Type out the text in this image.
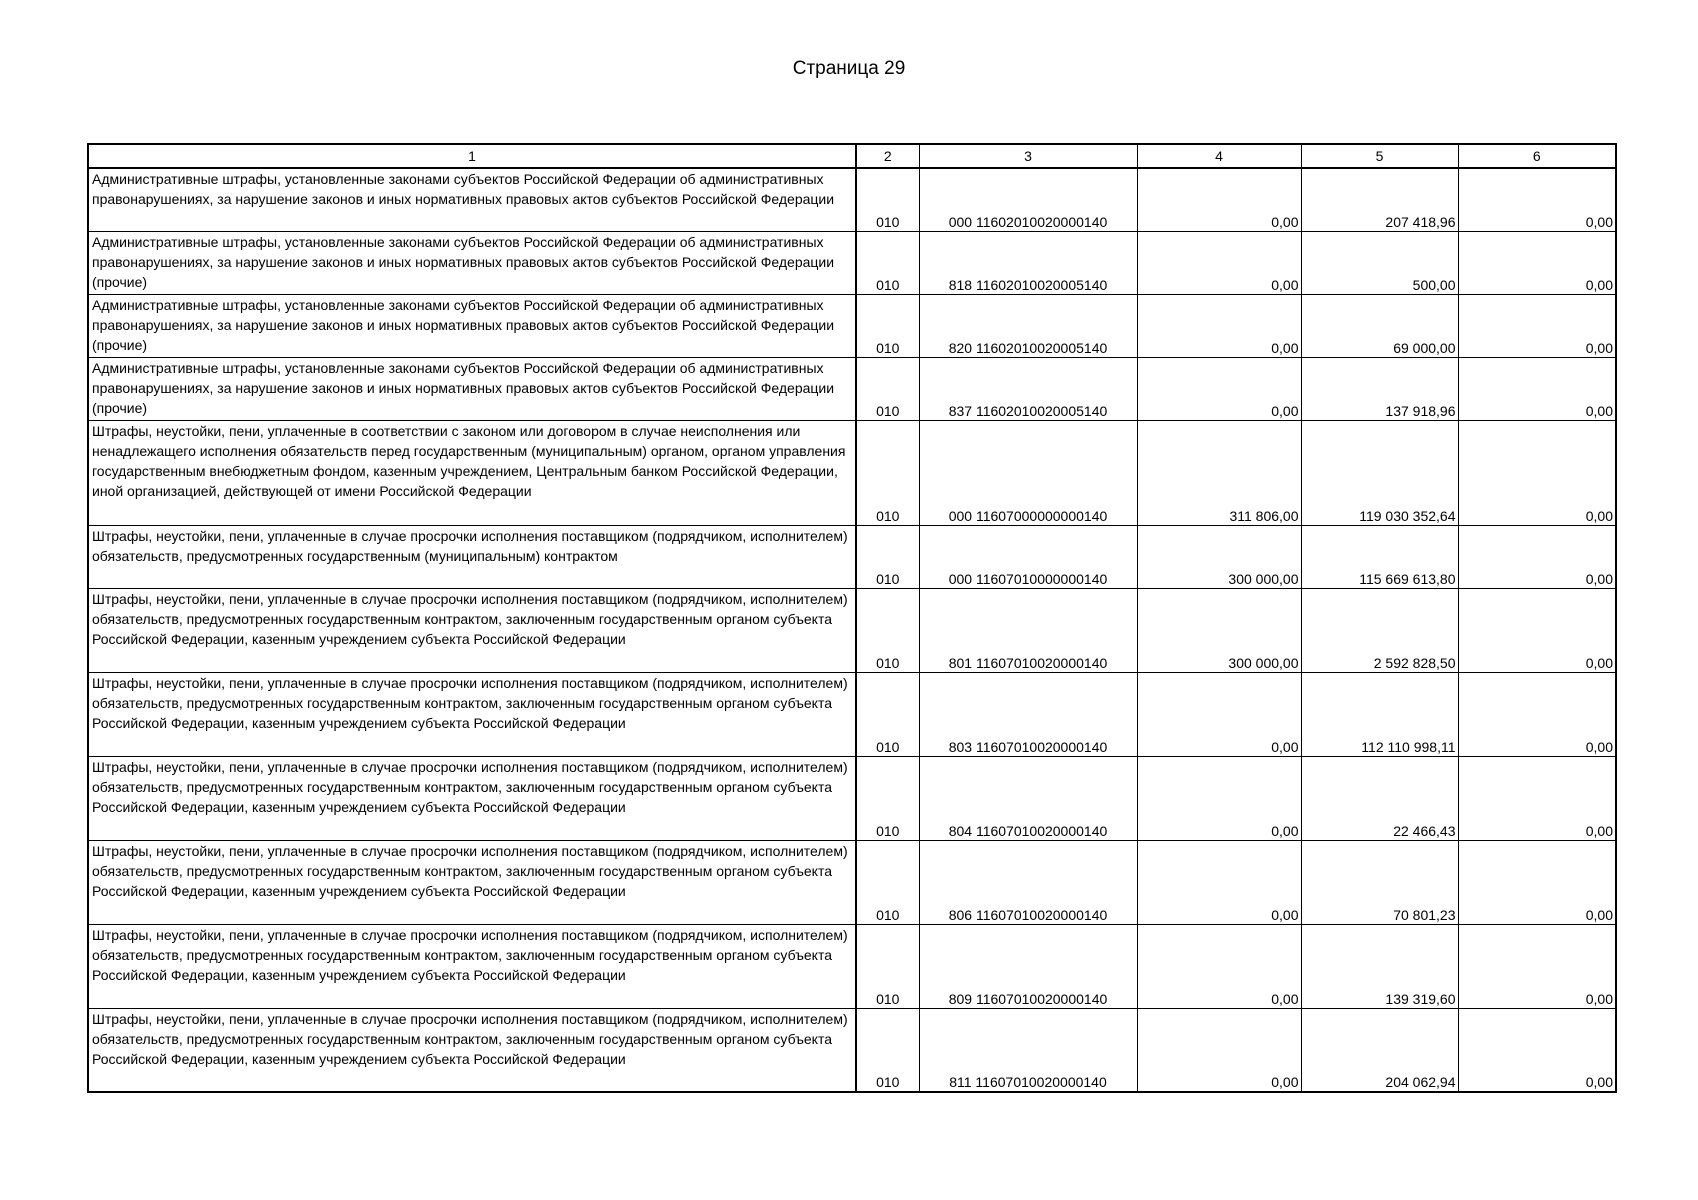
Страница 29
1	2	3	4	5	6
Административные штрафы, установленные законами субъектов Российской Федерации об административных правонарушениях, за нарушение законов и иных нормативных правовых актов субъектов Российской Федерации	010	000 11602010020000140	0,00	207 418,96	0,00
Административные штрафы, установленные законами субъектов Российской Федерации об административных правонарушениях, за нарушение законов и иных нормативных правовых актов субъектов Российской Федерации (прочие)	010	818 11602010020005140	0,00	500,00	0,00
Административные штрафы, установленные законами субъектов Российской Федерации об административных правонарушениях, за нарушение законов и иных нормативных правовых актов субъектов Российской Федерации (прочие)	010	820 11602010020005140	0,00	69 000,00	0,00
Административные штрафы, установленные законами субъектов Российской Федерации об административных правонарушениях, за нарушение законов и иных нормативных правовых актов субъектов Российской Федерации (прочие)	010	837 11602010020005140	0,00	137 918,96	0,00
Штрафы, неустойки, пени, уплаченные в соответствии с законом или договором в случае неисполнения или ненадлежащего исполнения обязательств перед государственным (муниципальным) органом, органом управления государственным внебюджетным фондом, казенным учреждением, Центральным банком Российской Федерации, иной организацией, действующей от имени Российской Федерации	010	000 11607000000000140	311 806,00	119 030 352,64	0,00
Штрафы, неустойки, пени, уплаченные в случае просрочки исполнения поставщиком (подрядчиком, исполнителем) обязательств, предусмотренных государственным (муниципальным) контрактом	010	000 11607010000000140	300 000,00	115 669 613,80	0,00
Штрафы, неустойки, пени, уплаченные в случае просрочки исполнения поставщиком (подрядчиком, исполнителем) обязательств, предусмотренных государственным контрактом, заключенным государственным органом субъекта Российской Федерации, казенным учреждением субъекта Российской Федерации	010	801 11607010020000140	300 000,00	2 592 828,50	0,00
Штрафы, неустойки, пени, уплаченные в случае просрочки исполнения поставщиком (подрядчиком, исполнителем) обязательств, предусмотренных государственным контрактом, заключенным государственным органом субъекта Российской Федерации, казенным учреждением субъекта Российской Федерации	010	803 11607010020000140	0,00	112 110 998,11	0,00
Штрафы, неустойки, пени, уплаченные в случае просрочки исполнения поставщиком (подрядчиком, исполнителем) обязательств, предусмотренных государственным контрактом, заключенным государственным органом субъекта Российской Федерации, казенным учреждением субъекта Российской Федерации	010	804 11607010020000140	0,00	22 466,43	0,00
Штрафы, неустойки, пени, уплаченные в случае просрочки исполнения поставщиком (подрядчиком, исполнителем) обязательств, предусмотренных государственным контрактом, заключенным государственным органом субъекта Российской Федерации, казенным учреждением субъекта Российской Федерации	010	806 11607010020000140	0,00	70 801,23	0,00
Штрафы, неустойки, пени, уплаченные в случае просрочки исполнения поставщиком (подрядчиком, исполнителем) обязательств, предусмотренных государственным контрактом, заключенным государственным органом субъекта Российской Федерации, казенным учреждением субъекта Российской Федерации	010	809 11607010020000140	0,00	139 319,60	0,00
Штрафы, неустойки, пени, уплаченные в случае просрочки исполнения поставщиком (подрядчиком, исполнителем) обязательств, предусмотренных государственным контрактом, заключенным государственным органом субъекта Российской Федерации, казенным учреждением субъекта Российской Федерации	010	811 11607010020000140	0,00	204 062,94	0,00
